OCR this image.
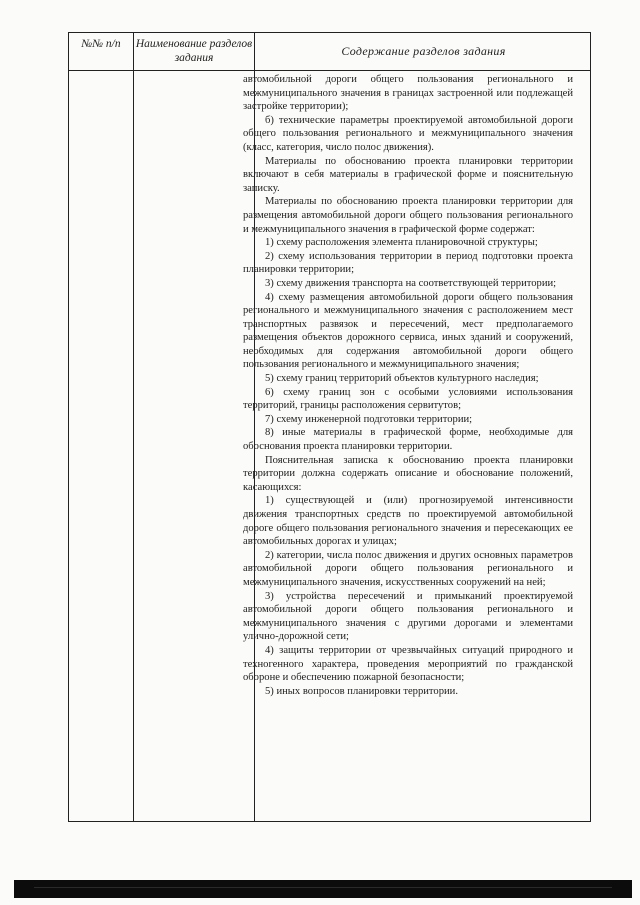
№№ п/п	Наименование разделов задания	Содержание разделов задания

автомобильной дороги общего пользования регионального и межмуниципального значения в границах застроенной или подлежащей застройке территории);

б) технические параметры проектируемой автомобильной дороги общего пользования регионального и межмуниципального значения (класс, категория, число полос движения).

Материалы по обоснованию проекта планировки территории включают в себя материалы в графической форме и пояснительную записку.

Материалы по обоснованию проекта планировки территории для размещения автомобильной дороги общего пользования регионального и межмуниципального значения в графической форме содержат:

1) схему расположения элемента планировочной структуры;

2) схему использования территории в период подготовки проекта планировки территории;

3) схему движения транспорта на соответствующей территории;

4) схему размещения автомобильной дороги общего пользования регионального и межмуниципального значения с расположением мест транспортных развязок и пересечений, мест предполагаемого размещения объектов дорожного сервиса, иных зданий и сооружений, необходимых для содержания автомобильной дороги общего пользования регионального и межмуниципального значения;

5) схему границ территорий объектов культурного наследия;

6) схему границ зон с особыми условиями использования территорий, границы расположения сервитутов;

7) схему инженерной подготовки территории;

8) иные материалы в графической форме, необходимые для обоснования проекта планировки территории.

Пояснительная записка к обоснованию проекта планировки территории должна содержать описание и обоснование положений, касающихся:

1) существующей и (или) прогнозируемой интенсивности движения транспортных средств по проектируемой автомобильной дороге общего пользования регионального значения и пересекающих ее автомобильных дорогах и улицах;

2) категории, числа полос движения и других основных параметров автомобильной дороги общего пользования регионального и межмуниципального значения, искусственных сооружений на ней;

3) устройства пересечений и примыканий проектируемой автомобильной дороги общего пользования регионального и межмуниципального значения с другими дорогами и элементами улично-дорожной сети;

4) защиты территории от чрезвычайных ситуаций природного и техногенного характера, проведения мероприятий по гражданской обороне и обеспечению пожарной безопасности;

5) иных вопросов планировки территории.
